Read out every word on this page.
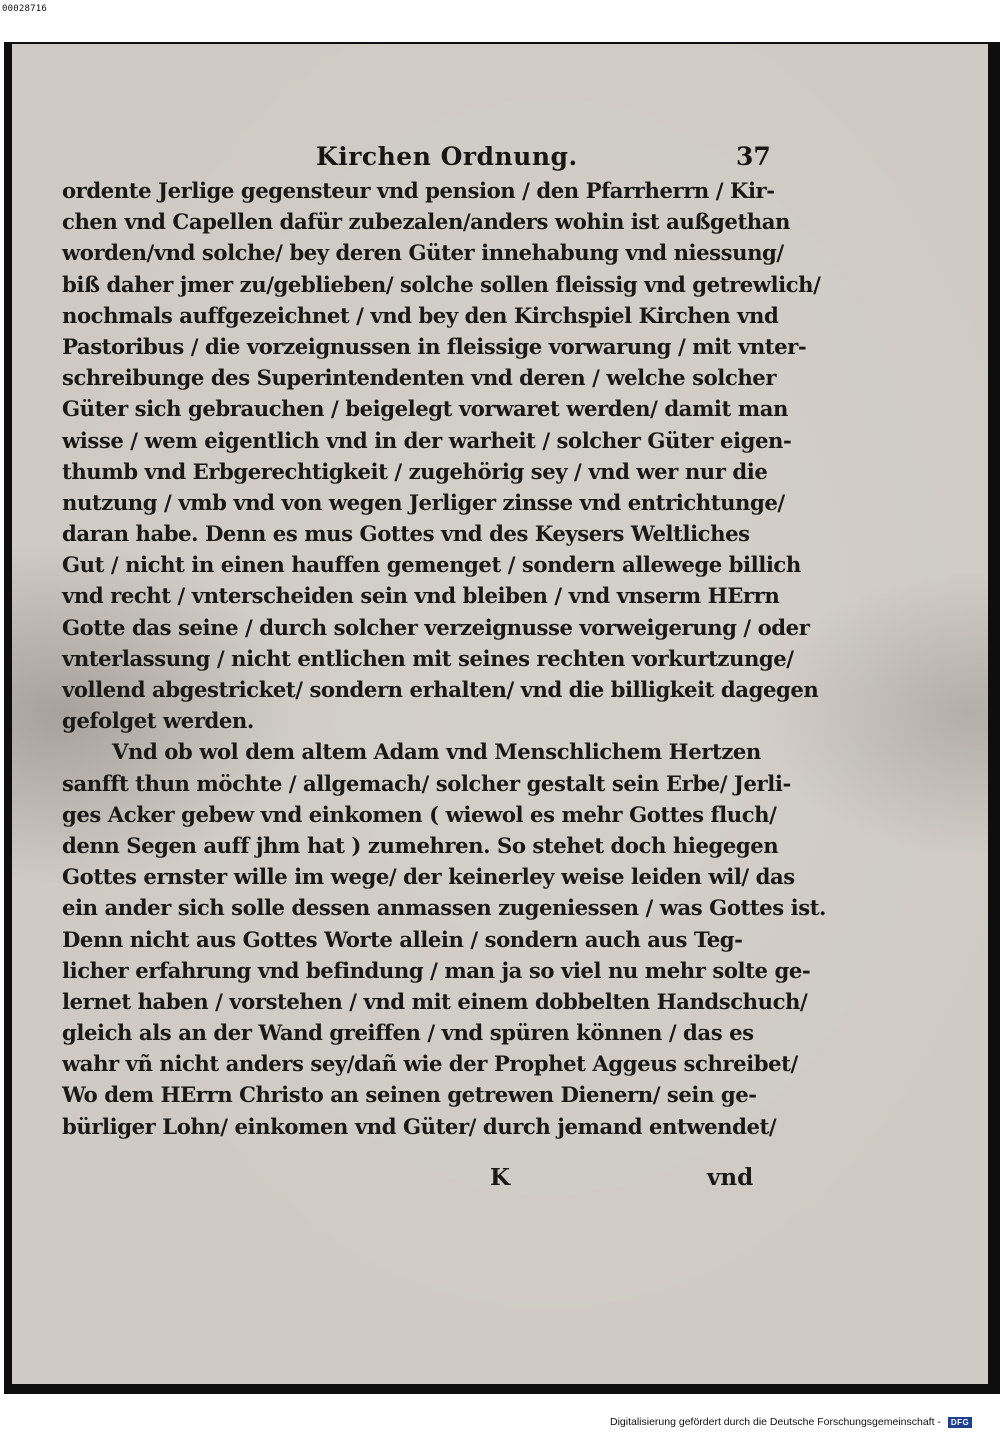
00028716
Kirchen Ordnung.	37
ordente Jerlige gegensteur vnd pension / den Pfarrherrn / Kir-
chen vnd Capellen dafür zubezalen/anders wohin ist außgethan
worden/vnd solche/ bey deren Güter innehabung vnd niessung/
biß daher jmer zu/geblieben/ solche sollen fleissig vnd getrewlich/
nochmals auffgezeichnet / vnd bey den Kirchspiel Kirchen vnd
Pastoribus / die vorzeignussen in fleissige vorwarung / mit vnter-
schreibunge des Superintendenten vnd deren / welche solcher
Güter sich gebrauchen / beigelegt vorwaret werden/ damit man
wisse / wem eigentlich vnd in der warheit / solcher Güter eigen-
thumb vnd Erbgerechtigkeit / zugehörig sey / vnd wer nur die
nutzung / vmb vnd von wegen Jerliger zinsse vnd entrichtunge/
daran habe. Denn es mus Gottes vnd des Keysers Weltliches
Gut / nicht in einen hauffen gemenget / sondern allewege billich
vnd recht / vnterscheiden sein vnd bleiben / vnd vnserm HErrn
Gotte das seine / durch solcher verzeignusse vorweigerung / oder
vnterlassung / nicht entlichen mit seines rechten vorkurtzunge/
vollend abgestricket/ sondern erhalten/ vnd die billigkeit dagegen
gefolget werden.
Vnd ob wol dem altem Adam vnd Menschlichem Hertzen
sanfft thun möchte / allgemach/ solcher gestalt sein Erbe/ Jerli-
ges Acker gebew vnd einkomen ( wiewol es mehr Gottes fluch/
denn Segen auff jhm hat ) zumehren. So stehet doch hiegegen
Gottes ernster wille im wege/ der keinerley weise leiden wil/ das
ein ander sich solle dessen anmassen zugeniessen / was Gottes ist.
Denn nicht aus Gottes Worte allein / sondern auch aus Teg-
licher erfahrung vnd befindung / man ja so viel nu mehr solte ge-
lernet haben / vorstehen / vnd mit einem dobbelten Handschuch/
gleich als an der Wand greiffen / vnd spüren können / das es
wahr vñ nicht anders sey/dañ wie der Prophet Aggeus schreibet/
Wo dem HErrn Christo an seinen getrewen Dienern/ sein ge-
bürliger Lohn/ einkomen vnd Güter/ durch jemand entwendet/
K	vnd
Digitalisierung gefördert durch die Deutsche Forschungsgemeinschaft - DFG
